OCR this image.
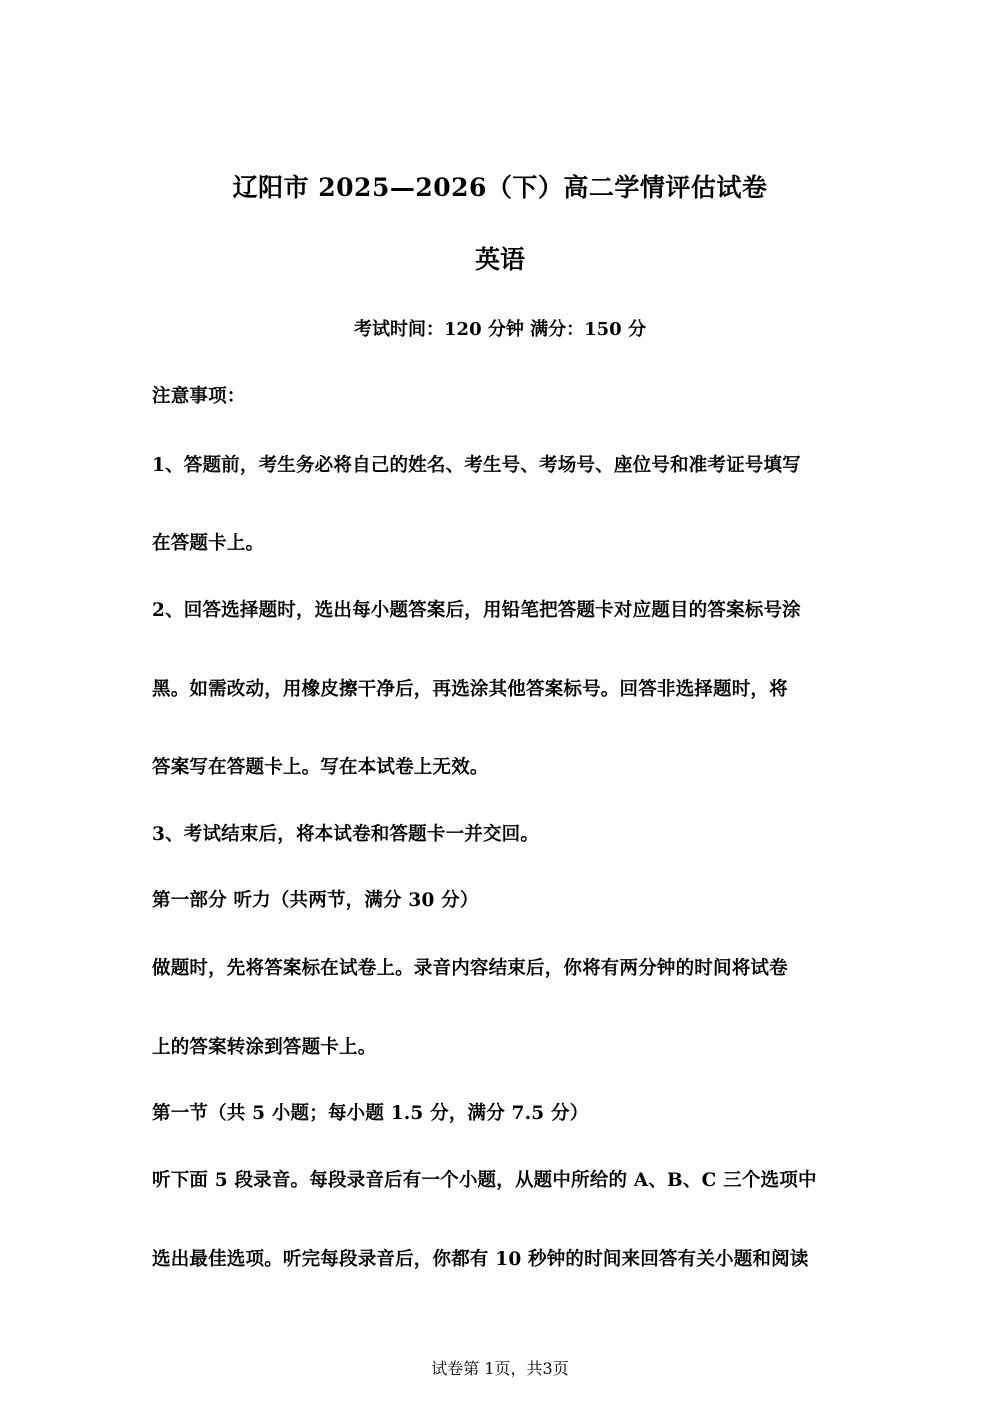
辽阳市 2025—2026（下）高二学情评估试卷
英语
考试时间：120 分钟 满分：150 分
注意事项：
1、答题前，考生务必将自己的姓名、考生号、考场号、座位号和准考证号填写
在答题卡上。
2、回答选择题时，选出每小题答案后，用铅笔把答题卡对应题目的答案标号涂
黑。如需改动，用橡皮擦干净后，再选涂其他答案标号。回答非选择题时，将
答案写在答题卡上。写在本试卷上无效。
3、考试结束后，将本试卷和答题卡一并交回。
第一部分 听力（共两节，满分 30 分）
做题时，先将答案标在试卷上。录音内容结束后，你将有两分钟的时间将试卷
上的答案转涂到答题卡上。
第一节（共 5 小题；每小题 1.5 分，满分 7.5 分）
听下面 5 段录音。每段录音后有一个小题，从题中所给的 A、B、C 三个选项中
选出最佳选项。听完每段录音后，你都有 10 秒钟的时间来回答有关小题和阅读
试卷第 1页，共3页
